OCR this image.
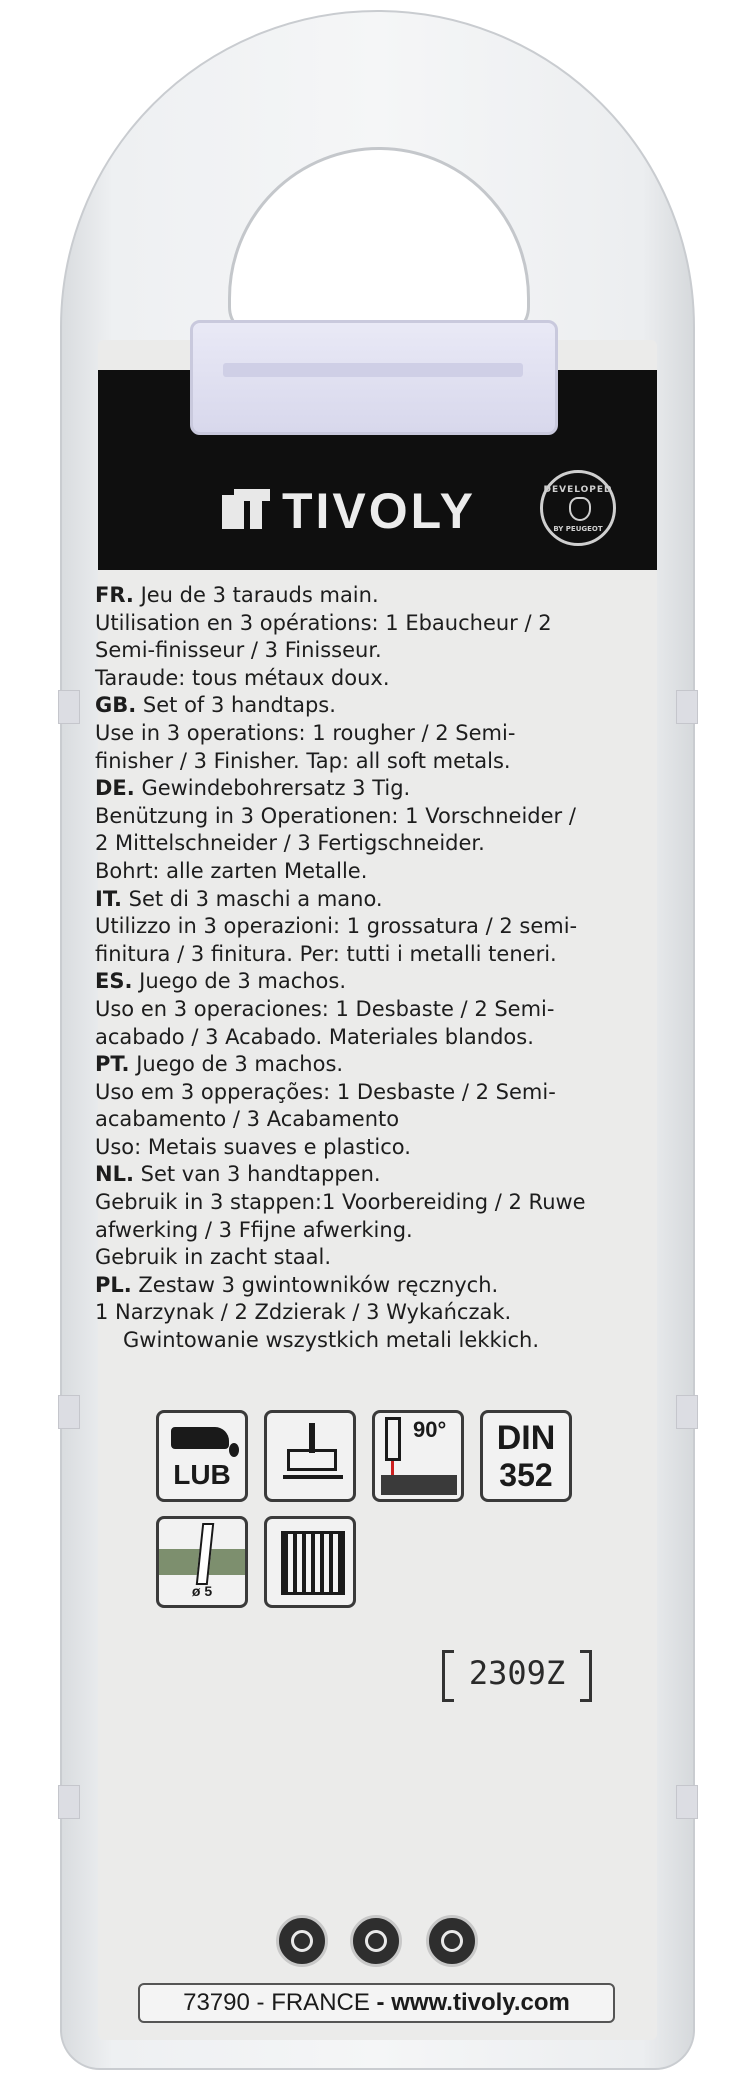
TIVOLY	DEVELOPED
BY PEUGEOT
FR. Jeu de 3 tarauds main.
Utilisation en 3 opérations: 1 Ebaucheur / 2
Semi-finisseur / 3 Finisseur.
Taraude: tous métaux doux.
GB. Set of 3 handtaps.
Use in 3 operations: 1 rougher / 2 Semi-
finisher / 3 Finisher. Tap: all soft metals.
DE. Gewindebohrersatz 3 Tig.
Benützung in 3 Operationen: 1 Vorschneider /
2 Mittelschneider / 3 Fertigschneider.
Bohrt: alle zarten Metalle.
IT. Set di 3 maschi a mano.
Utilizzo in 3 operazioni: 1 grossatura / 2 semi-
finitura / 3 finitura. Per: tutti i metalli teneri.
ES. Juego de 3 machos.
Uso en 3 operaciones: 1 Desbaste / 2 Semi-
acabado / 3 Acabado. Materiales blandos.
PT. Juego de 3 machos.
Uso em 3 opperações: 1 Desbaste / 2 Semi-
acabamento / 3 Acabamento
Uso: Metais suaves e plastico.
NL. Set van 3 handtappen.
Gebruik in 3 stappen:1 Voorbereiding / 2 Ruwe
afwerking / 3 Ffijne afwerking.
Gebruik in zacht staal.
PL. Zestaw 3 gwintowników ręcznych.
1 Narzynak / 2 Zdzierak / 3 Wykańczak.
Gwintowanie wszystkich metali lekkich.
LUB
90°	DIN
352
ø 5
2309Z
73790 - FRANCE - www.tivoly.com
